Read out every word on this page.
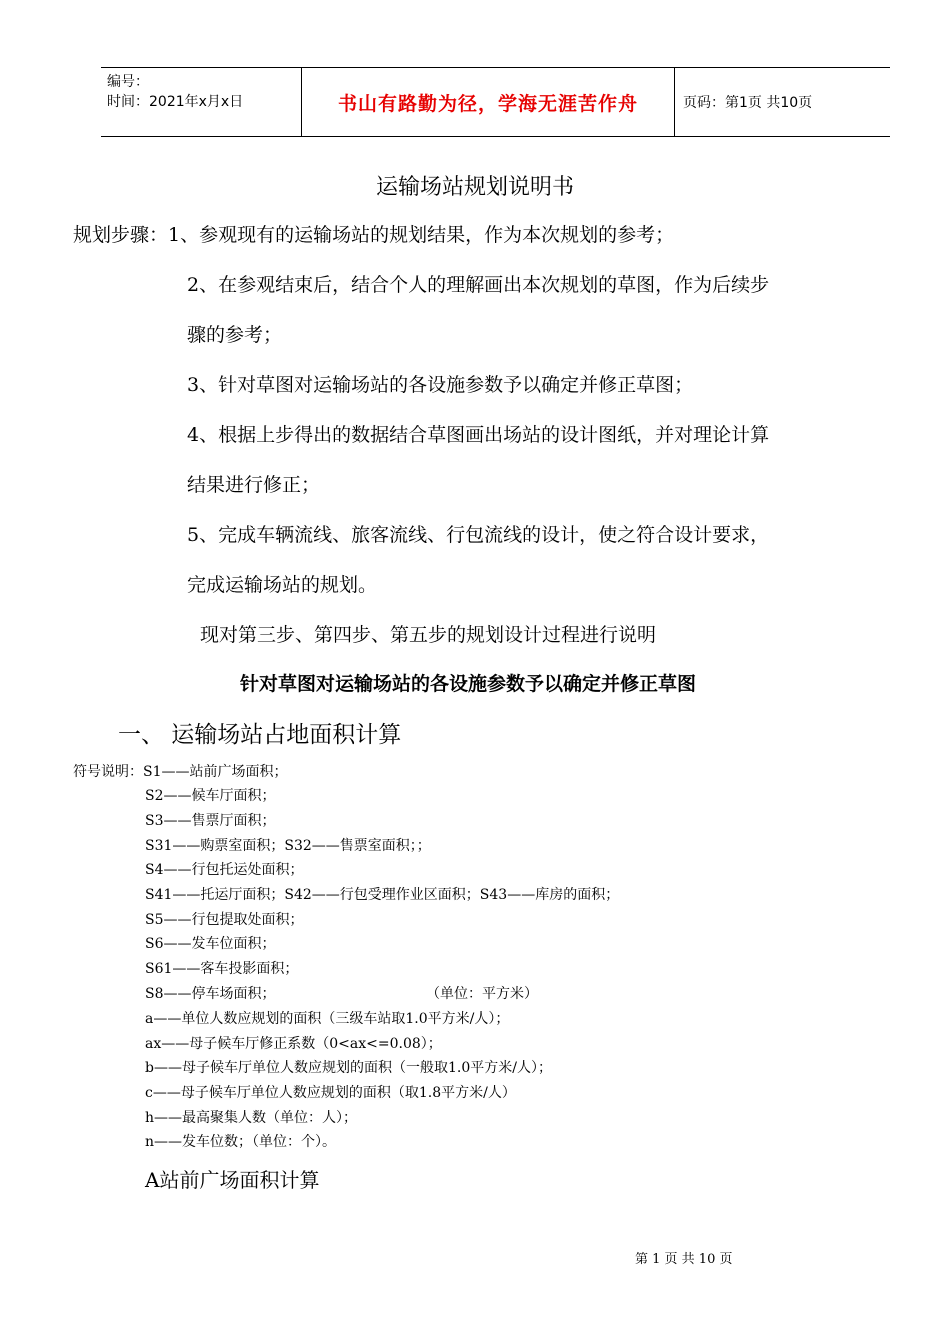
编号：
时间：2021年x月x日	书山有路勤为径，学海无涯苦作舟	页码：第1页 共10页
运输场站规划说明书
规划步骤：1、参观现有的运输场站的规划结果，作为本次规划的参考；
2、在参观结束后，结合个人的理解画出本次规划的草图，作为后续步
骤的参考；
3、针对草图对运输场站的各设施参数予以确定并修正草图；
4、根据上步得出的数据结合草图画出场站的设计图纸，并对理论计算
结果进行修正；
5、完成车辆流线、旅客流线、行包流线的设计，使之符合设计要求，
完成运输场站的规划。
现对第三步、第四步、第五步的规划设计过程进行说明
针对草图对运输场站的各设施参数予以确定并修正草图
一、 运输场站占地面积计算
符号说明：S1——站前广场面积；
S2——候车厅面积；
S3——售票厅面积；
S31——购票室面积；S32——售票室面积；；
S4——行包托运处面积；
S41——托运厅面积；S42——行包受理作业区面积；S43——库房的面积；
S5——行包提取处面积；
S6——发车位面积；
S61——客车投影面积；
S8——停车场面积；	（单位：平方米）
a——单位人数应规划的面积（三级车站取1.0平方米/人）；
ax——母子候车厅修正系数（0<ax<=0.08）；
b——母子候车厅单位人数应规划的面积（一般取1.0平方米/人）；
c——母子候车厅单位人数应规划的面积（取1.8平方米/人）
h——最高聚集人数（单位：人）；
n——发车位数；（单位：个）。
A站前广场面积计算
第 1 页 共 10 页
